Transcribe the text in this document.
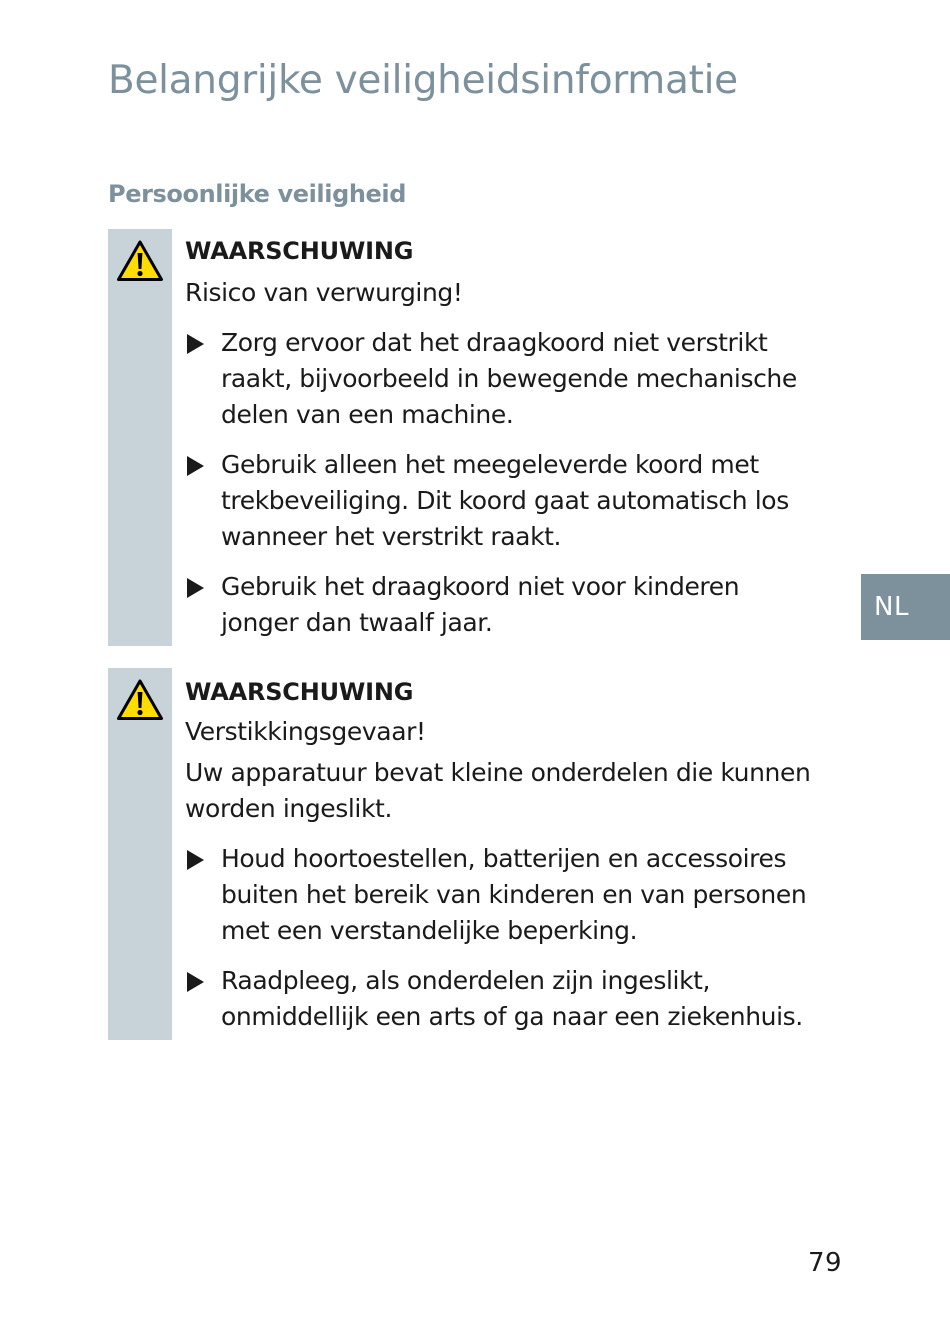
Belangrijke veiligheidsinformatie
Persoonlijke veiligheid
WAARSCHUWING
Risico van verwurging!
Zorg ervoor dat het draagkoord niet verstrikt
raakt, bijvoorbeeld in bewegende mechanische
delen van een machine.
Gebruik alleen het meegeleverde koord met
trekbeveiliging. Dit koord gaat automatisch los
wanneer het verstrikt raakt.
Gebruik het draagkoord niet voor kinderen
jonger dan twaalf jaar.
WAARSCHUWING
Verstikkingsgevaar!
Uw apparatuur bevat kleine onderdelen die kunnen
worden ingeslikt.
Houd hoortoestellen, batterijen en accessoires
buiten het bereik van kinderen en van personen
met een verstandelijke beperking.
Raadpleeg, als onderdelen zijn ingeslikt,
onmiddellijk een arts of ga naar een ziekenhuis.
NL
79
